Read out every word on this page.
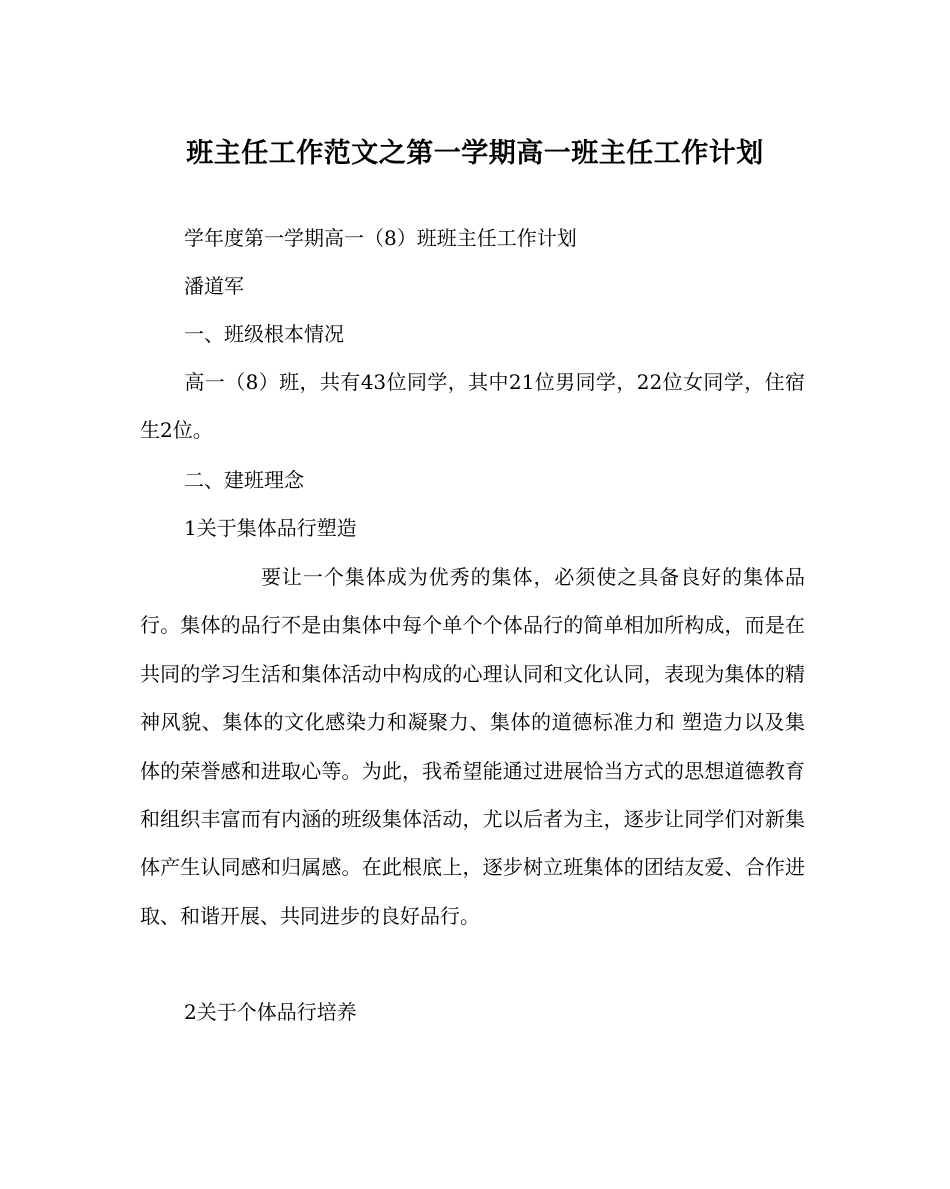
班主任工作范文之第一学期高一班主任工作计划
学年度第一学期高一（8）班班主任工作计划
潘道军
一、班级根本情况
高一（8）班，共有43位同学，其中21位男同学，22位女同学，住宿生2位。
二、建班理念
1关于集体品行塑造
要让一个集体成为优秀的集体，必须使之具备良好的集体品行。集体的品行不是由集体中每个单个个体品行的简单相加所构成，而是在共同的学习生活和集体活动中构成的心理认同和文化认同，表现为集体的精神风貌、集体的文化感染力和凝聚力、集体的道德标准力和 塑造力以及集体的荣誉感和进取心等。为此，我希望能通过进展恰当方式的思想道德教育和组织丰富而有内涵的班级集体活动，尤以后者为主，逐步让同学们对新集体产生认同感和归属感。在此根底上，逐步树立班集体的团结友爱、合作进取、和谐开展、共同进步的良好品行。
2关于个体品行培养
